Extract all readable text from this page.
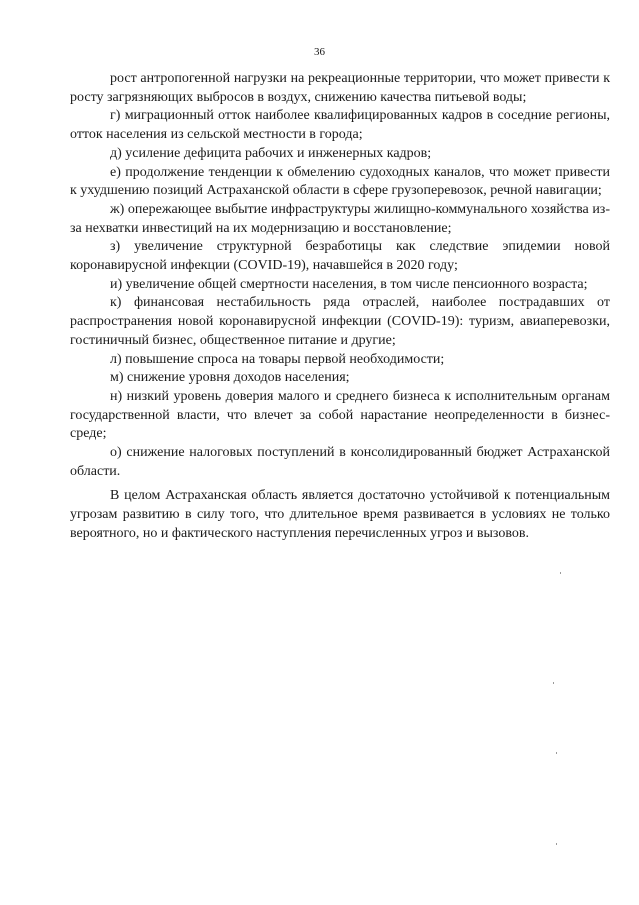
36

рост антропогенной нагрузки на рекреационные территории, что может привести к росту загрязняющих выбросов в воздух, снижению качества питьевой воды;

г) миграционный отток наиболее квалифицированных кадров в соседние регионы, отток населения из сельской местности в города;

д) усиление дефицита рабочих и инженерных кадров;

е) продолжение тенденции к обмелению судоходных каналов, что может привести к ухудшению позиций Астраханской области в сфере грузоперевозок, речной навигации;

ж) опережающее выбытие инфраструктуры жилищно-коммунального хозяйства из-за нехватки инвестиций на их модернизацию и восстановление;

з) увеличение структурной безработицы как следствие эпидемии новой коронавирусной инфекции (COVID-19), начавшейся в 2020 году;

и) увеличение общей смертности населения, в том числе пенсионного возраста;

к) финансовая нестабильность ряда отраслей, наиболее пострадавших от распространения новой коронавирусной инфекции (COVID-19): туризм, авиаперевозки, гостиничный бизнес, общественное питание и другие;

л) повышение спроса на товары первой необходимости;

м) снижение уровня доходов населения;

н) низкий уровень доверия малого и среднего бизнеса к исполнительным органам государственной власти, что влечет за собой нарастание неопределенности в бизнес-среде;

о) снижение налоговых поступлений в консолидированный бюджет Астраханской области.

В целом Астраханская область является достаточно устойчивой к потенциальным угрозам развитию в силу того, что длительное время развивается в условиях не только вероятного, но и фактического наступления перечисленных угроз и вызовов.
